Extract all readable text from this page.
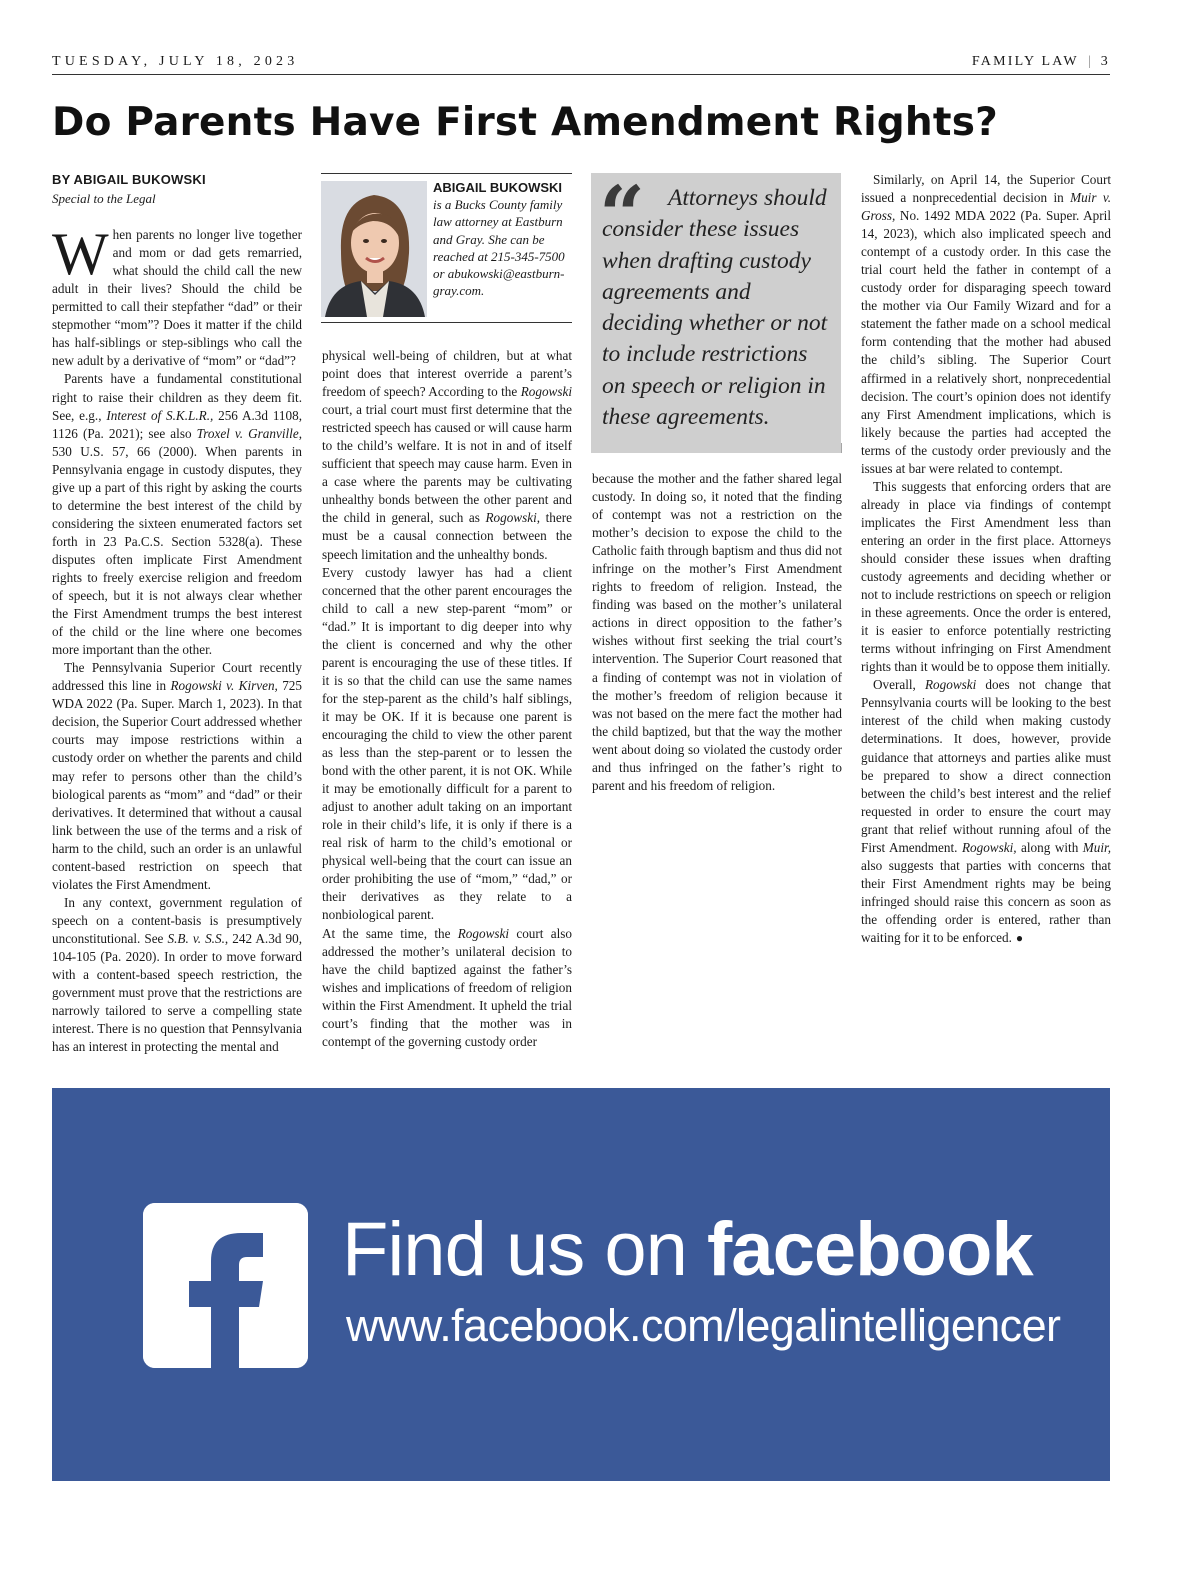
TUESDAY, JULY 18, 2023	FAMILY LAW | 3
Do Parents Have First Amendment Rights?
BY ABIGAIL BUKOWSKI
Special to the Legal

When parents no longer live together and mom or dad gets remarried, what should the child call the new adult in their lives? Should the child be permitted to call their stepfather “dad” or their stepmother “mom”? Does it matter if the child has half-siblings or step-siblings who call the new adult by a derivative of “mom” or “dad”?

Parents have a fundamental constitutional right to raise their children as they deem fit. See, e.g., Interest of S.K.L.R., 256 A.3d 1108, 1126 (Pa. 2021); see also Troxel v. Granville, 530 U.S. 57, 66 (2000). When parents in Pennsylvania engage in custody disputes, they give up a part of this right by asking the courts to determine the best interest of the child by considering the sixteen enumerated factors set forth in 23 Pa.C.S. Section 5328(a). These disputes often implicate First Amendment rights to freely exercise religion and freedom of speech, but it is not always clear whether the First Amendment trumps the best interest of the child or the line where one becomes more important than the other.

The Pennsylvania Superior Court recently addressed this line in Rogowski v. Kirven, 725 WDA 2022 (Pa. Super. March 1, 2023). In that decision, the Superior Court addressed whether courts may impose restrictions within a custody order on whether the parents and child may refer to persons other than the child’s biological parents as “mom” and “dad” or their derivatives. It determined that without a causal link between the use of the terms and a risk of harm to the child, such an order is an unlawful content-based restriction on speech that violates the First Amendment.

In any context, government regulation of speech on a content-basis is presumptively unconstitutional. See S.B. v. S.S., 242 A.3d 90, 104-105 (Pa. 2020). In order to move forward with a content-based speech restriction, the government must prove that the restrictions are narrowly tailored to serve a compelling state interest. There is no question that Pennsylvania has an interest in protecting the mental and

ABIGAIL BUKOWSKI
is a Bucks County family law attorney at Eastburn and Gray. She can be reached at 215-345-7500 or abukowski@eastburn-gray.com.

physical well-being of children, but at what point does that interest override a parent’s freedom of speech? According to the Rogowski court, a trial court must first determine that the restricted speech has caused or will cause harm to the child’s welfare. It is not in and of itself sufficient that speech may cause harm. Even in a case where the parents may be cultivating unhealthy bonds between the other parent and the child in general, such as Rogowski, there must be a causal connection between the speech limitation and the unhealthy bonds.

Every custody lawyer has had a client concerned that the other parent encourages the child to call a new step-parent “mom” or “dad.” It is important to dig deeper into why the client is concerned and why the other parent is encouraging the use of these titles. If it is so that the child can use the same names for the step-parent as the child’s half siblings, it may be OK. If it is because one parent is encouraging the child to view the other parent as less than the step-parent or to lessen the bond with the other parent, it is not OK. While it may be emotionally difficult for a parent to adjust to another adult taking on an important role in their child’s life, it is only if there is a real risk of harm to the child’s emotional or physical well-being that the court can issue an order prohibiting the use of “mom,” “dad,” or their derivatives as they relate to a nonbiological parent.

At the same time, the Rogowski court also addressed the mother’s unilateral decision to have the child baptized against the father’s wishes and implications of freedom of religion within the First Amendment. It upheld the trial court’s finding that the mother was in contempt of the governing custody order

“ Attorneys should consider these issues when drafting custody agreements and deciding whether or not to include restrictions on speech or religion in these agreements.

because the mother and the father shared legal custody. In doing so, it noted that the finding of contempt was not a restriction on the mother’s decision to expose the child to the Catholic faith through baptism and thus did not infringe on the mother’s First Amendment rights to freedom of religion. Instead, the finding was based on the mother’s unilateral actions in direct opposition to the father’s wishes without first seeking the trial court’s intervention. The Superior Court reasoned that a finding of contempt was not in violation of the mother’s freedom of religion because it was not based on the mere fact the mother had the child baptized, but that the way the mother went about doing so violated the custody order and thus infringed on the father’s right to parent and his freedom of religion.

Similarly, on April 14, the Superior Court issued a nonprecedential decision in Muir v. Gross, No. 1492 MDA 2022 (Pa. Super. April 14, 2023), which also implicated speech and contempt of a custody order. In this case the trial court held the father in contempt of a custody order for disparaging speech toward the mother via Our Family Wizard and for a statement the father made on a school medical form contending that the mother had abused the child’s sibling. The Superior Court affirmed in a relatively short, nonprecedential decision. The court’s opinion does not identify any First Amendment implications, which is likely because the parties had accepted the terms of the custody order previously and the issues at bar were related to contempt.

This suggests that enforcing orders that are already in place via findings of contempt implicates the First Amendment less than entering an order in the first place. Attorneys should consider these issues when drafting custody agreements and deciding whether or not to include restrictions on speech or religion in these agreements. Once the order is entered, it is easier to enforce potentially restricting terms without infringing on First Amendment rights than it would be to oppose them initially.

Overall, Rogowski does not change that Pennsylvania courts will be looking to the best interest of the child when making custody determinations. It does, however, provide guidance that attorneys and parties alike must be prepared to show a direct connection between the child’s best interest and the relief requested in order to ensure the court may grant that relief without running afoul of the First Amendment. Rogowski, along with Muir, also suggests that parties with concerns that their First Amendment rights may be being infringed should raise this concern as soon as the offending order is entered, rather than waiting for it to be enforced. ●

Find us on facebook
www.facebook.com/legalintelligencer
